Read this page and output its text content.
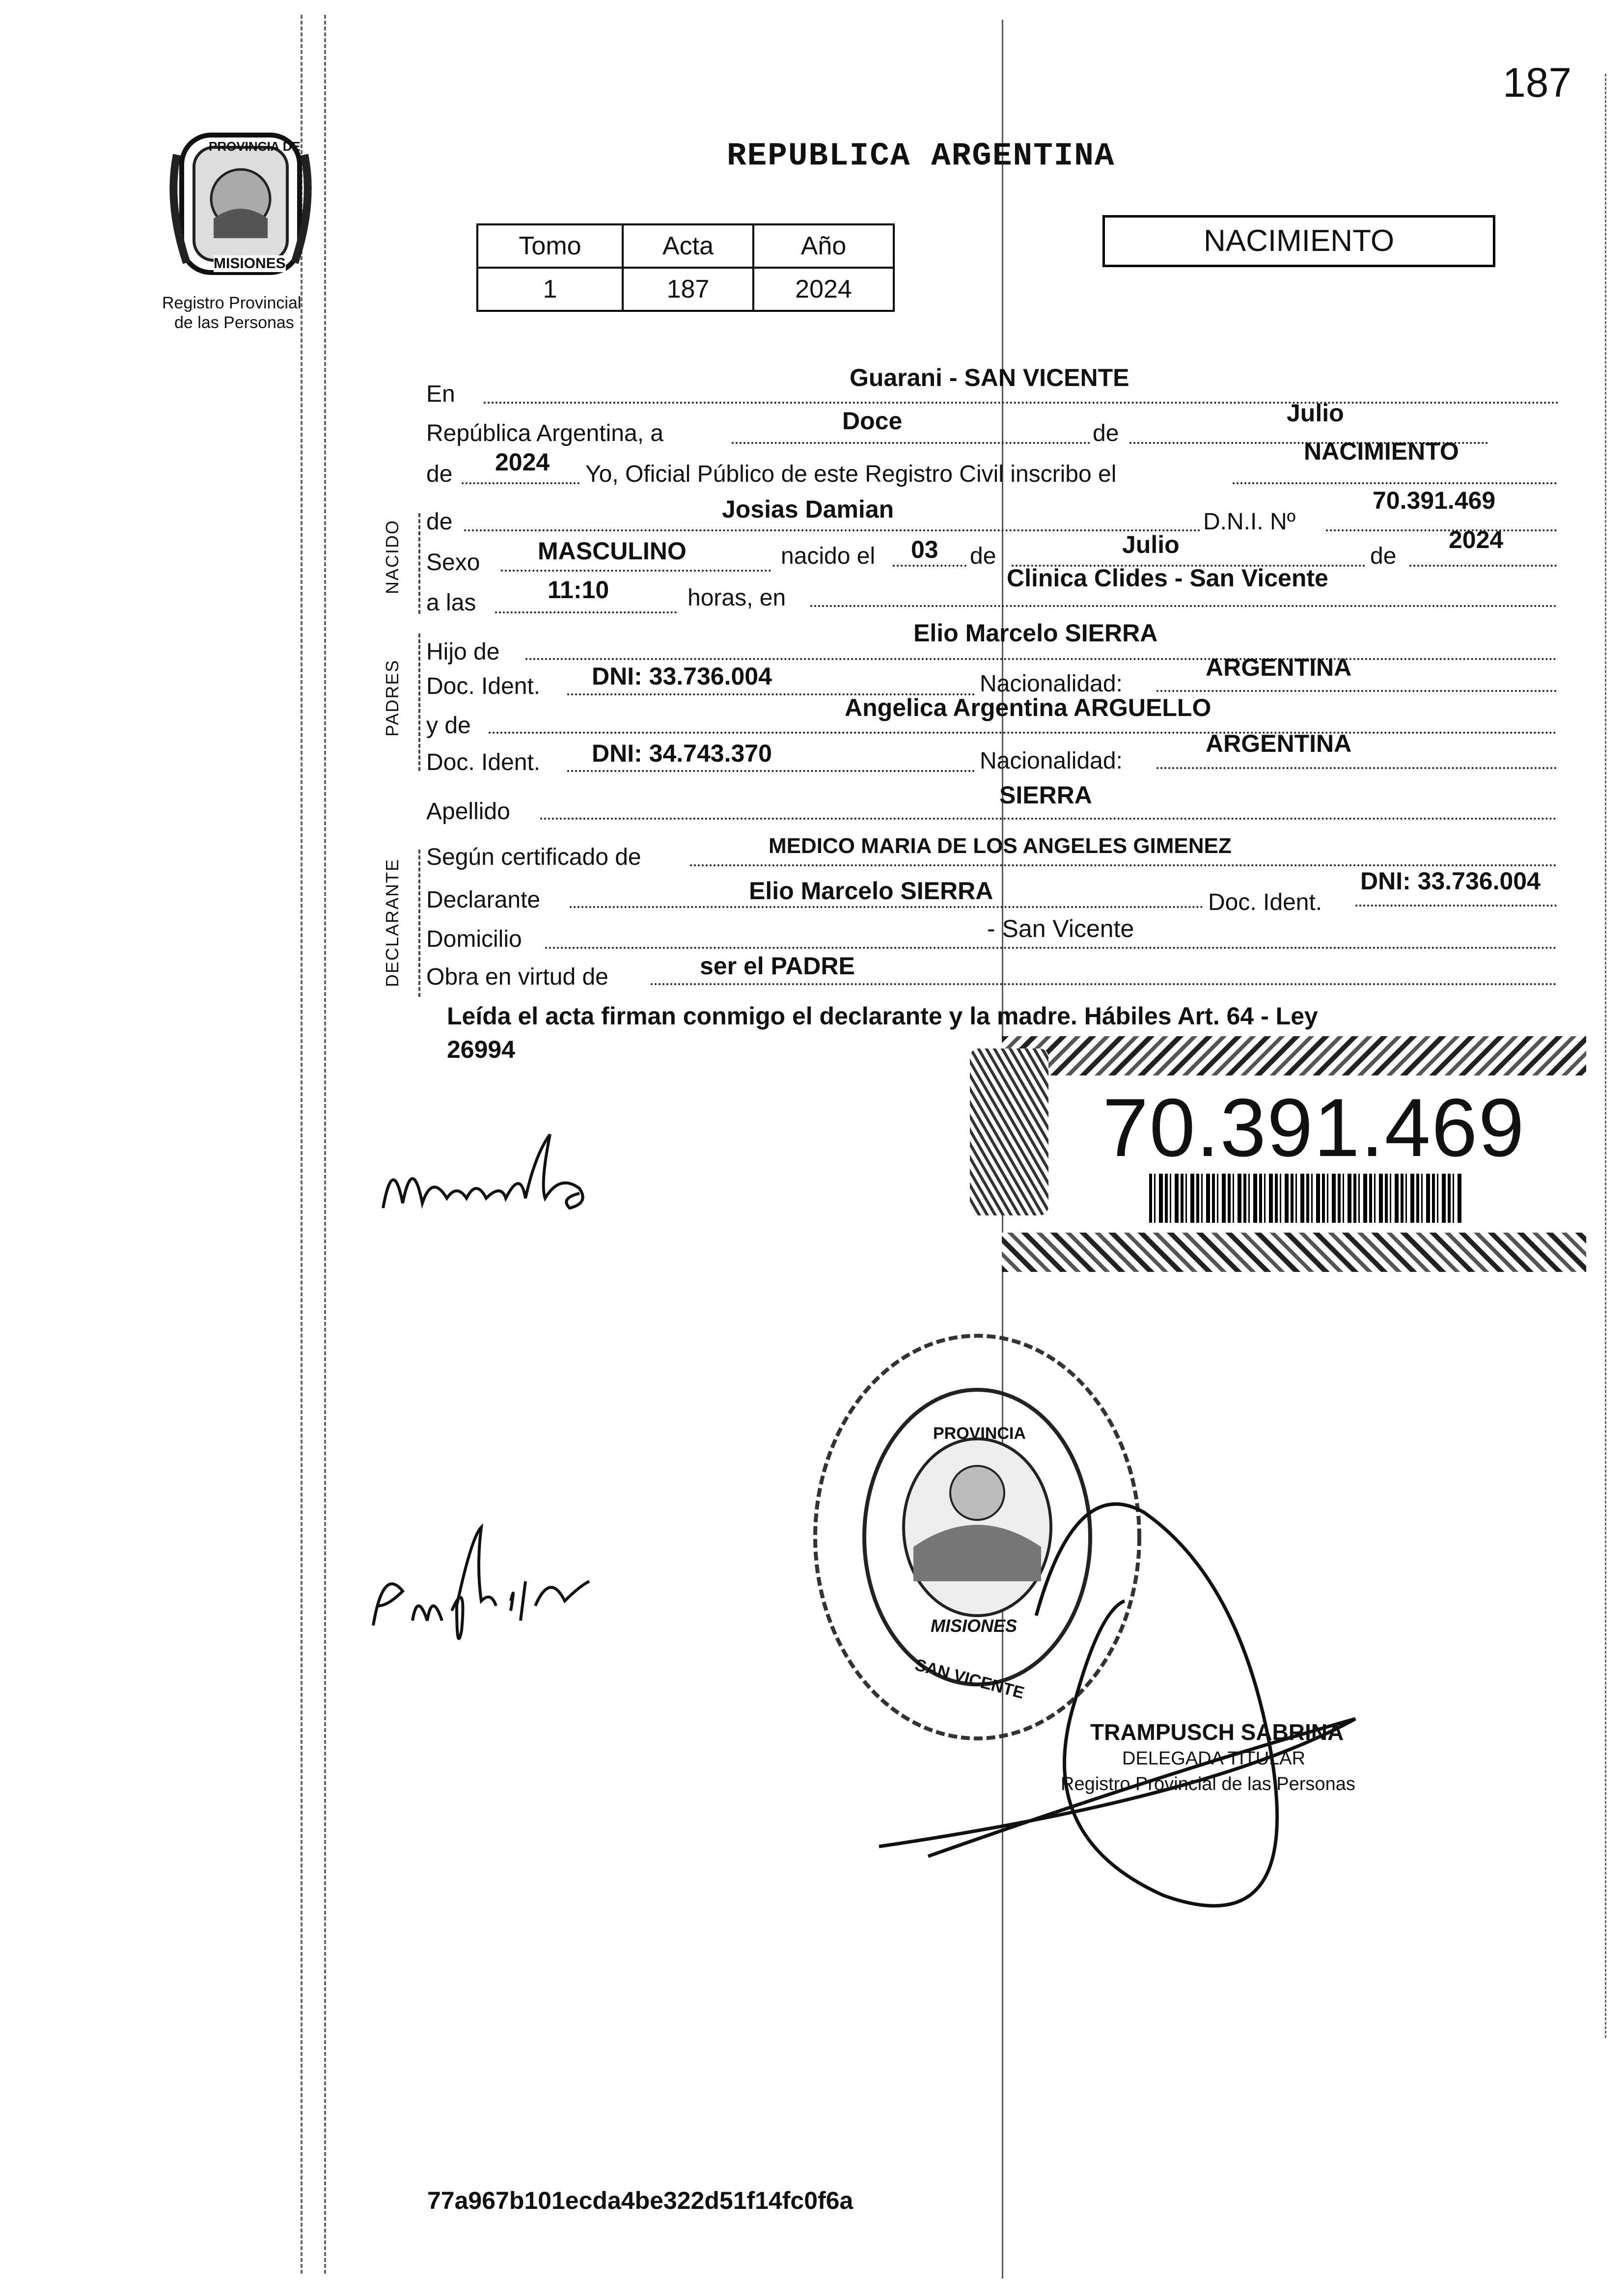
187
PROVINCIA DE
MISIONES
Registro Provincial
de las Personas
REPUBLICA ARGENTINA
Tomo	Acta	Año
1	187	2024
NACIMIENTO
En
Guarani - SAN VICENTE
República Argentina, a	Doce	de
Julio
de 2024 Yo, Oficial Público de este Registro Civil inscribo el
NACIMIENTO
NACIDO de	Josias Damian	D.N.I. Nº
70.391.469
Sexo MASCULINO	nacido el 03 de	Julio	de
2024
a las	11:10	horas, en
Clinica Clides - San Vicente
PADRES
Hijo de
Elio Marcelo SIERRA
Doc. Ident. DNI: 33.736.004	Nacionalidad:
ARGENTINA
y de
Angelica Argentina ARGUELLO
Doc. Ident. DNI: 34.743.370	Nacionalidad:
ARGENTINA
Apellido
SIERRA
DECLARANTE
Según certificado de	MEDICO MARIA DE LOS ANGELES GIMENEZ
Declarante	Elio Marcelo SIERRA	Doc. Ident.
DNI: 33.736.004
Domicilio	- San Vicente
Obra en virtud de	ser el PADRE
Leída el acta firman conmigo el declarante y la madre. Hábiles Art. 64 - Ley
26994
70.391.469
PROVINCIA
MISIONES
SAN VICENTE
TRAMPUSCH SABRINA
DELEGADA TITULAR
Registro Provincial de las Personas
77a967b101ecda4be322d51f14fc0f6a
